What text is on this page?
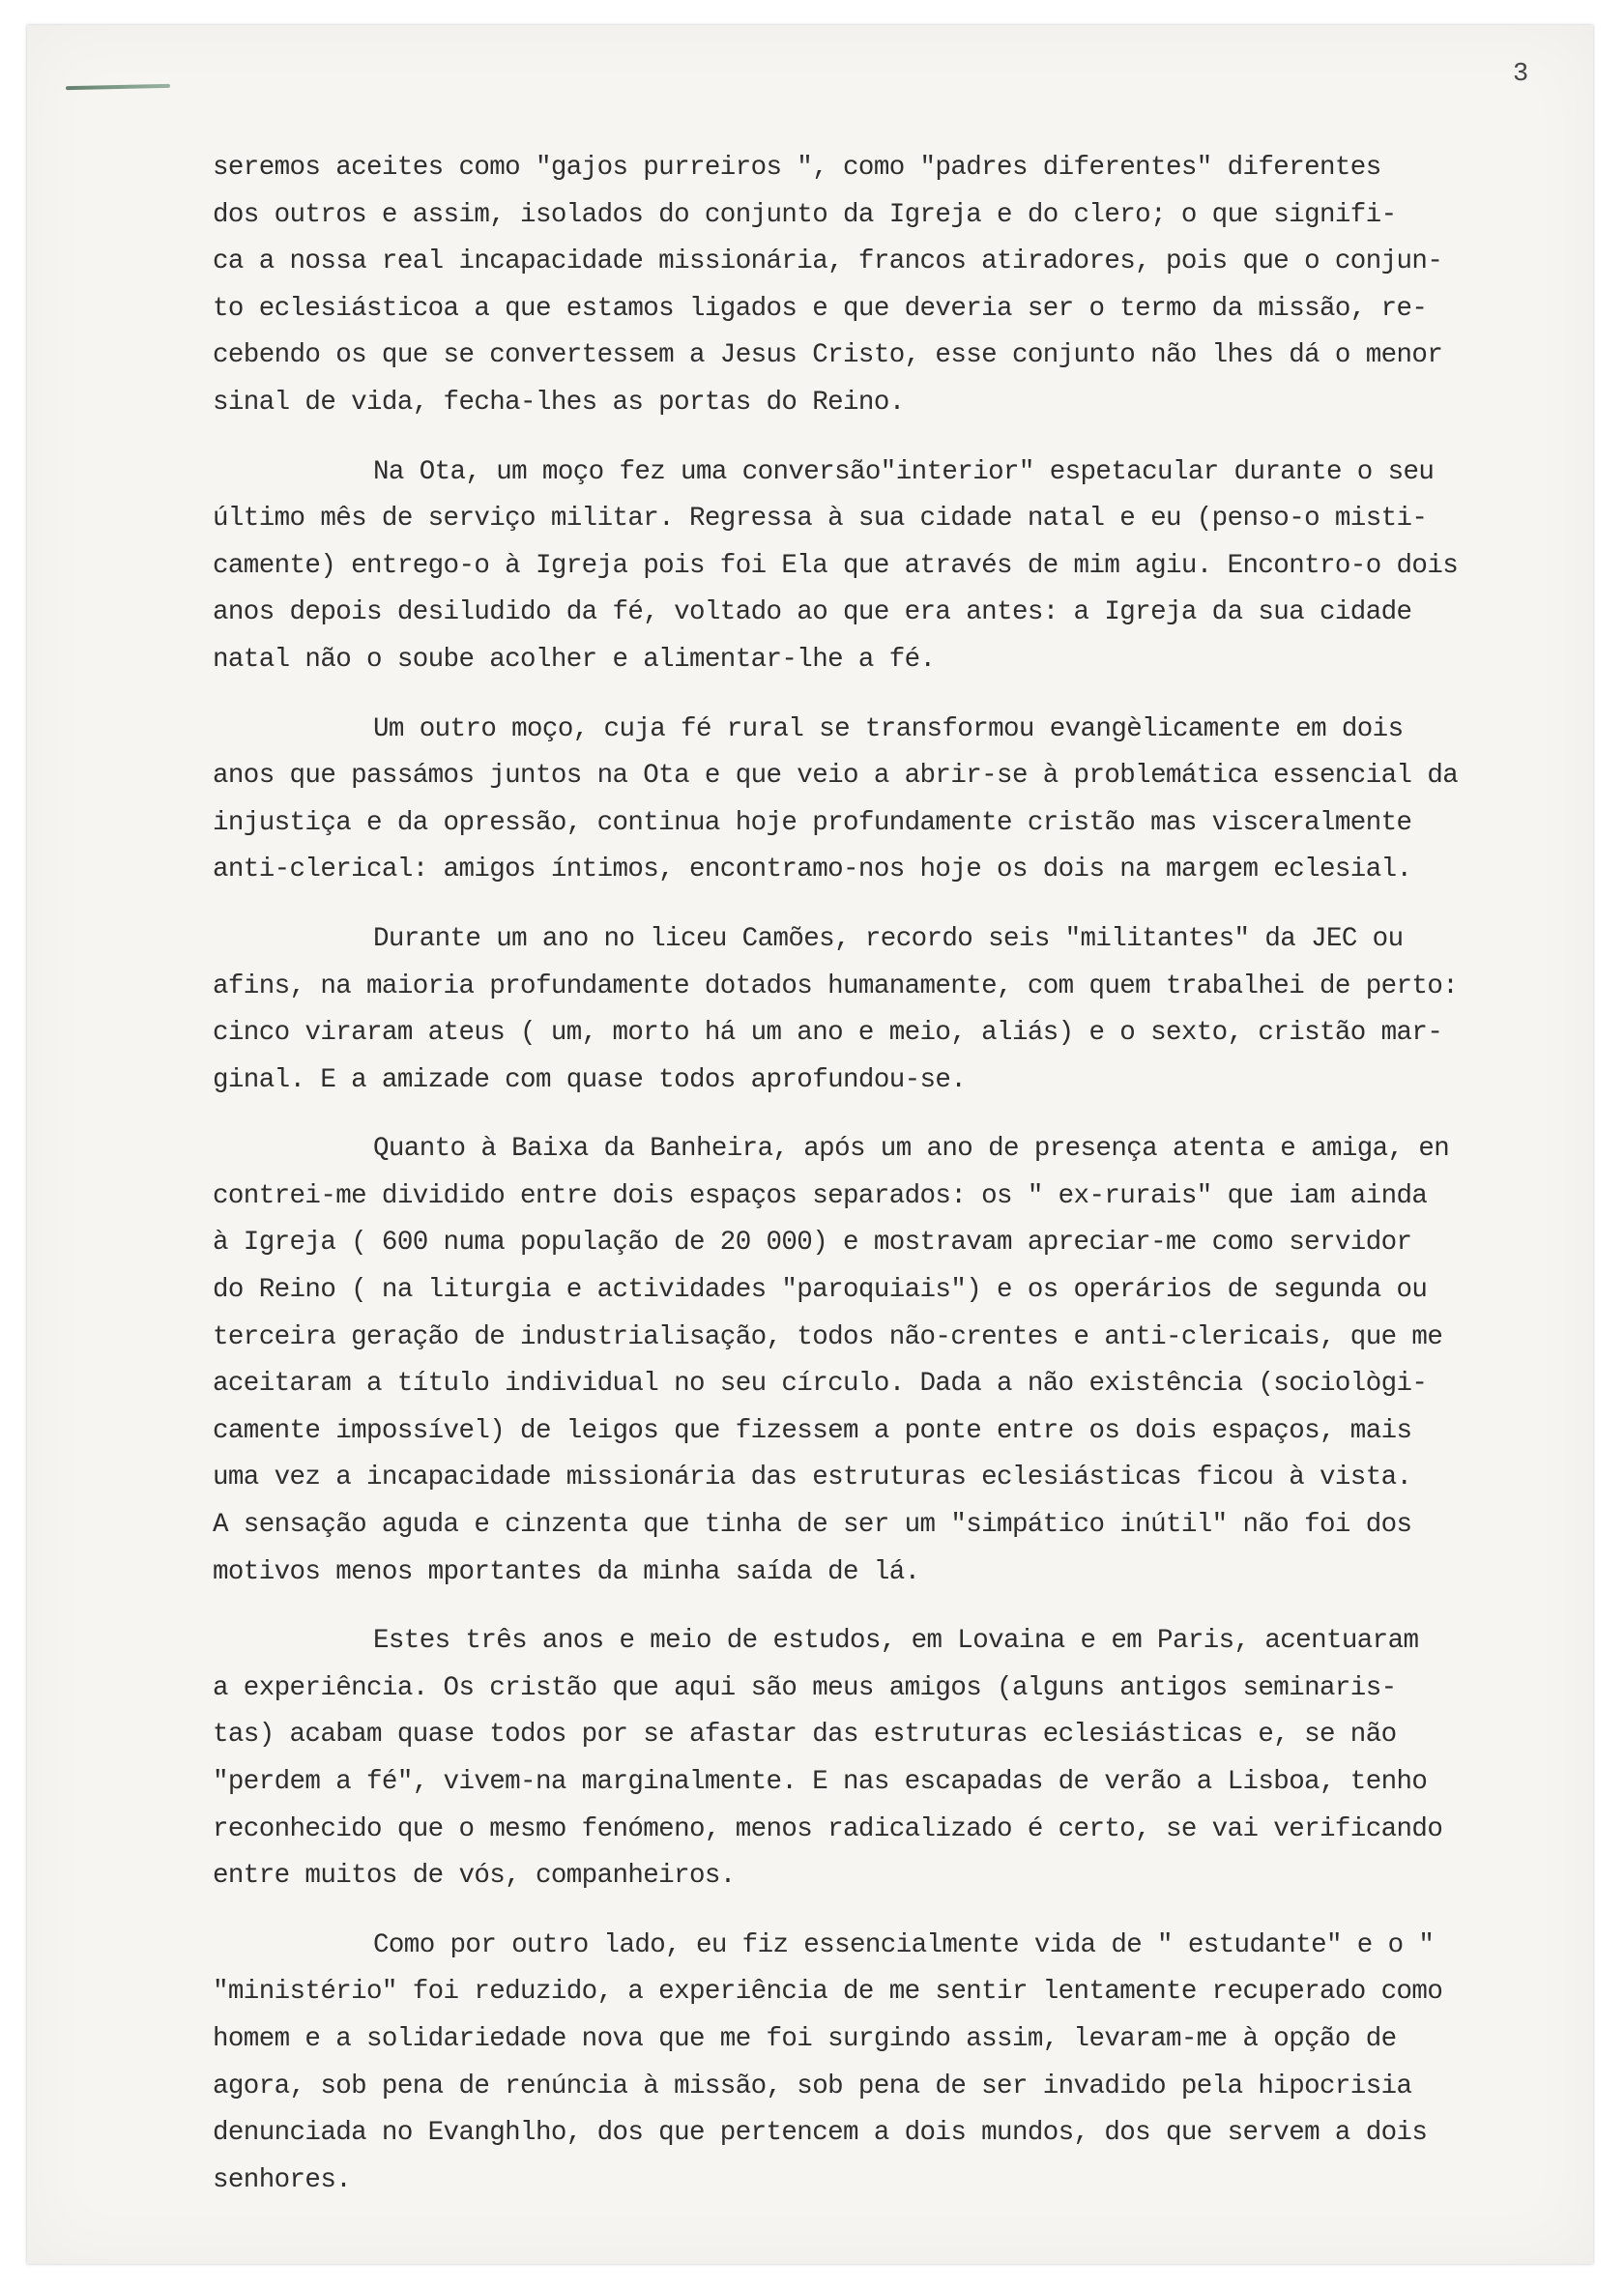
3
seremos aceites como "gajos purreiros ", como "padres diferentes" diferentes
dos outros e assim, isolados do conjunto da Igreja e do clero; o que signifi-
ca a nossa real incapacidade missionária, francos atiradores, pois que o conjun-
to eclesiásticoa a que estamos ligados e que deveria ser o termo da missão, re-
cebendo os que se convertessem a Jesus Cristo, esse conjunto não lhes dá o menor
sinal de vida, fecha-lhes as portas do Reino.
Na Ota, um moço fez uma conversão"interior" espetacular durante o seu
último mês de serviço militar. Regressa à sua cidade natal e eu (penso-o misti-
camente) entrego-o à Igreja pois foi Ela que através de mim agiu. Encontro-o dois
anos depois desiludido da fé, voltado ao que era antes: a Igreja da sua cidade
natal não o soube acolher e alimentar-lhe a fé.
Um outro moço, cuja fé rural se transformou evangèlicamente em dois
anos que passámos juntos na Ota e que veio a abrir-se à problemática essencial da
injustiça e da opressão, continua hoje profundamente cristão mas visceralmente
anti-clerical: amigos íntimos, encontramo-nos hoje os dois na margem eclesial.
Durante um ano no liceu Camões, recordo seis "militantes" da JEC ou
afins, na maioria profundamente dotados humanamente, com quem trabalhei de perto:
cinco viraram ateus ( um, morto há um ano e meio, aliás) e o sexto, cristão mar-
ginal. E a amizade com quase todos aprofundou-se.
Quanto à Baixa da Banheira, após um ano de presença atenta e amiga, en
contrei-me dividido entre dois espaços separados: os " ex-rurais" que iam ainda
à Igreja ( 600 numa população de 20 000) e mostravam apreciar-me como servidor
do Reino ( na liturgia e actividades "paroquiais") e os operários de segunda ou
terceira geração de industrialisação, todos não-crentes e anti-clericais, que me
aceitaram a título individual no seu círculo. Dada a não existência (sociològi-
camente impossível) de leigos que fizessem a ponte entre os dois espaços, mais
uma vez a incapacidade missionária das estruturas eclesiásticas ficou à vista.
A sensação aguda e cinzenta que tinha de ser um "simpático inútil" não foi dos
motivos menos mportantes da minha saída de lá.
Estes três anos e meio de estudos, em Lovaina e em Paris, acentuaram
a experiência. Os cristão que aqui são meus amigos (alguns antigos seminaris-
tas) acabam quase todos por se afastar das estruturas eclesiásticas e, se não
"perdem a fé", vivem-na marginalmente. E nas escapadas de verão a Lisboa, tenho
reconhecido que o mesmo fenómeno, menos radicalizado é certo, se vai verificando
entre muitos de vós, companheiros.
Como por outro lado, eu fiz essencialmente vida de " estudante" e o "
"ministério" foi reduzido, a experiência de me sentir lentamente recuperado como
homem e a solidariedade nova que me foi surgindo assim, levaram-me à opção de
agora, sob pena de renúncia à missão, sob pena de ser invadido pela hipocrisia
denunciada no Evanghlho, dos que pertencem a dois mundos, dos que servem a dois
senhores.
